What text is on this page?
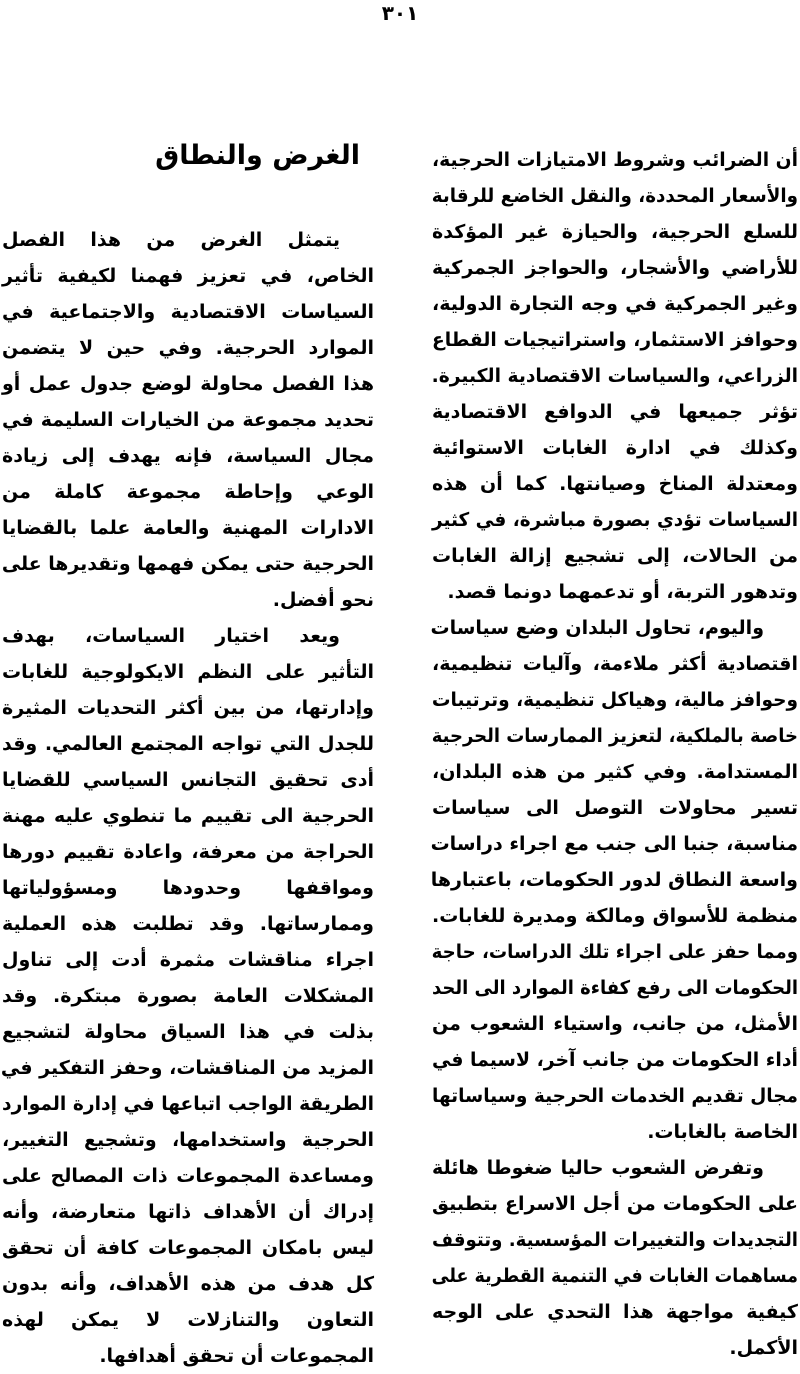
٣٠١
الغرض والنطاق
يتمثل الغرض من هذا الفصل
الخاص، في تعزيز فهمنا لكيفية تأثير
السياسات الاقتصادية والاجتماعية في
الموارد الحرجية. وفي حين لا يتضمن
هذا الفصل محاولة لوضع جدول عمل أو
تحديد مجموعة من الخيارات السليمة في
مجال السياسة، فإنه يهدف إلى زيادة
الوعي وإحاطة مجموعة كاملة من
الادارات المهنية والعامة علما بالقضايا
الحرجية حتى يمكن فهمها وتقديرها على
نحو أفضل.
ويعد اختيار السياسات، بهدف
التأثير على النظم الايكولوجية للغابات
وإدارتها، من بين أكثر التحديات المثيرة
للجدل التي تواجه المجتمع العالمي. وقد
أدى تحقيق التجانس السياسي للقضايا
الحرجية الى تقييم ما تنطوي عليه مهنة
الحراجة من معرفة، واعادة تقييم دورها
ومواقفها وحدودها ومسؤولياتها
وممارساتها. وقد تطلبت هذه العملية
اجراء مناقشات مثمرة أدت إلى تناول
المشكلات العامة بصورة مبتكرة. وقد
بذلت في هذا السياق محاولة لتشجيع
المزيد من المناقشات، وحفز التفكير في
الطريقة الواجب اتباعها في إدارة الموارد
الحرجية واستخدامها، وتشجيع التغيير،
ومساعدة المجموعات ذات المصالح على
إدراك أن الأهداف ذاتها متعارضة، وأنه
ليس بامكان المجموعات كافة أن تحقق
كل هدف من هذه الأهداف، وأنه بدون
التعاون والتنازلات لا يمكن لهذه
المجموعات أن تحقق أهدافها.
أن الضرائب وشروط الامتيازات الحرجية،
والأسعار المحددة، والنقل الخاضع للرقابة
للسلع الحرجية، والحيازة غير المؤكدة
للأراضي والأشجار، والحواجز الجمركية
وغير الجمركية في وجه التجارة الدولية،
وحوافز الاستثمار، واستراتيجيات القطاع
الزراعي، والسياسات الاقتصادية الكبيرة.
تؤثر جميعها في الدوافع الاقتصادية
وكذلك في ادارة الغابات الاستوائية
ومعتدلة المناخ وصيانتها. كما أن هذه
السياسات تؤدي بصورة مباشرة، في كثير
من الحالات، إلى تشجيع إزالة الغابات
وتدهور التربة، أو تدعمهما دونما قصد.
واليوم، تحاول البلدان وضع سياسات
اقتصادية أكثر ملاءمة، وآليات تنظيمية،
وحوافز مالية، وهياكل تنظيمية، وترتيبات
خاصة بالملكية، لتعزيز الممارسات الحرجية
المستدامة. وفي كثير من هذه البلدان،
تسير محاولات التوصل الى سياسات
مناسبة، جنبا الى جنب مع اجراء دراسات
واسعة النطاق لدور الحكومات، باعتبارها
منظمة للأسواق ومالكة ومديرة للغابات.
ومما حفز على اجراء تلك الدراسات، حاجة
الحكومات الى رفع كفاءة الموارد الى الحد
الأمثل، من جانب، واستياء الشعوب من
أداء الحكومات من جانب آخر، لاسيما في
مجال تقديم الخدمات الحرجية وسياساتها
الخاصة بالغابات.
وتفرض الشعوب حاليا ضغوطا هائلة
على الحكومات من أجل الاسراع بتطبيق
التجديدات والتغييرات المؤسسية. وتتوقف
مساهمات الغابات في التنمية القطرية على
كيفية مواجهة هذا التحدي على الوجه
الأكمل.
